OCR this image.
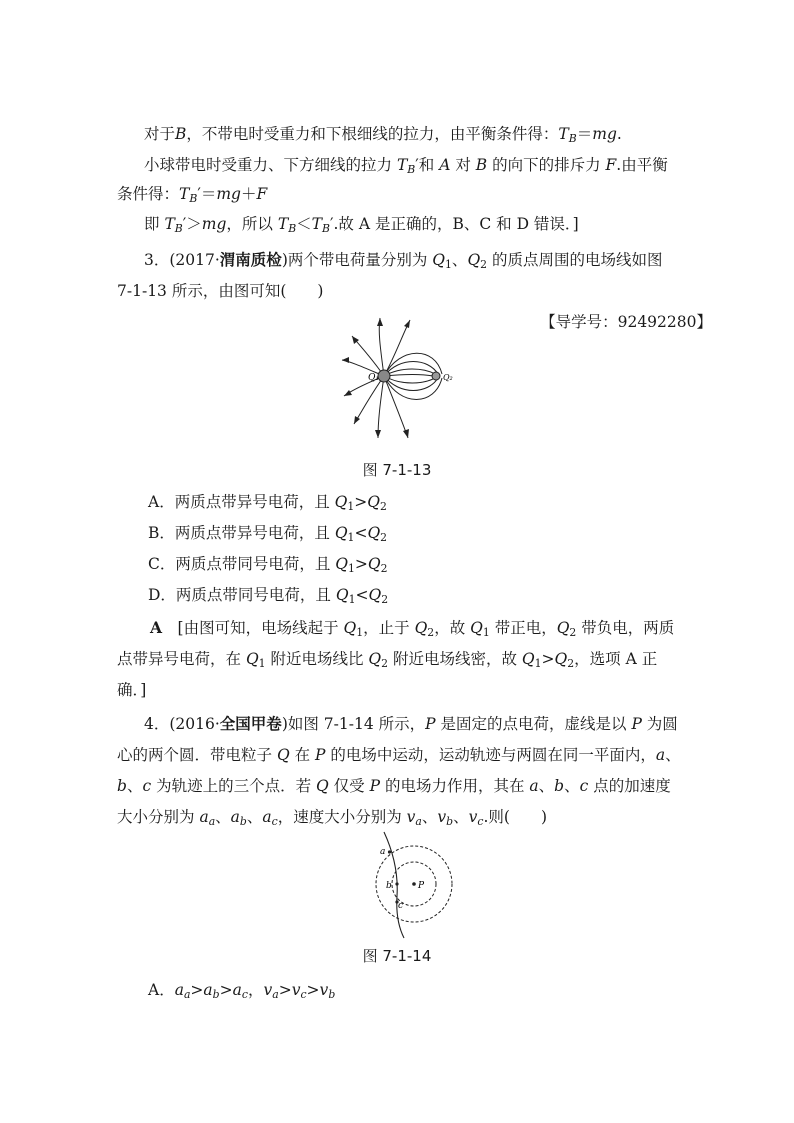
对于B，不带电时受重力和下根细线的拉力，由平衡条件得：$T_B=mg$.
小球带电时受重力、下方细线的拉力 $T_B'$和 A 对 B 的向下的排斥力 F.由平衡
条件得：$T_B'=mg+F$
即 $T_B'>mg$，所以 $T_B<T_B'$.故 A 是正确的，B、C 和 D 错误．]
3．(2017·渭南质检)两个带电荷量分别为 $Q_1$、$Q_2$ 的质点周围的电场线如图
7-1-13 所示，由图可知(　　)
【导学号：92492280】
Q₁	Q₂
图 7-1-13
A．两质点带异号电荷，且 $Q_1>Q_2$
B．两质点带异号电荷，且 $Q_1<Q_2$
C．两质点带同号电荷，且 $Q_1>Q_2$
D．两质点带同号电荷，且 $Q_1<Q_2$
A　[由图可知，电场线起于 $Q_1$，止于 $Q_2$，故 $Q_1$ 带正电，$Q_2$ 带负电，两质
点带异号电荷，在 $Q_1$ 附近电场线比 $Q_2$ 附近电场线密，故 $Q_1>Q_2$，选项 A 正
确．]
4．(2016·全国甲卷)如图 7-1-14 所示，P 是固定的点电荷，虚线是以 P 为圆
心的两个圆．带电粒子 Q 在 P 的电场中运动，运动轨迹与两圆在同一平面内，a、
b、c 为轨迹上的三个点．若 Q 仅受 P 的电场力作用，其在 a、b、c 点的加速度
大小分别为 $a_a$、$a_b$、$a_c$，速度大小分别为 $v_a$、$v_b$、$v_c$.则(　　)
a
b
c
P
图 7-1-14
A．$a_a>a_b>a_c$，$v_a>v_c>v_b$
